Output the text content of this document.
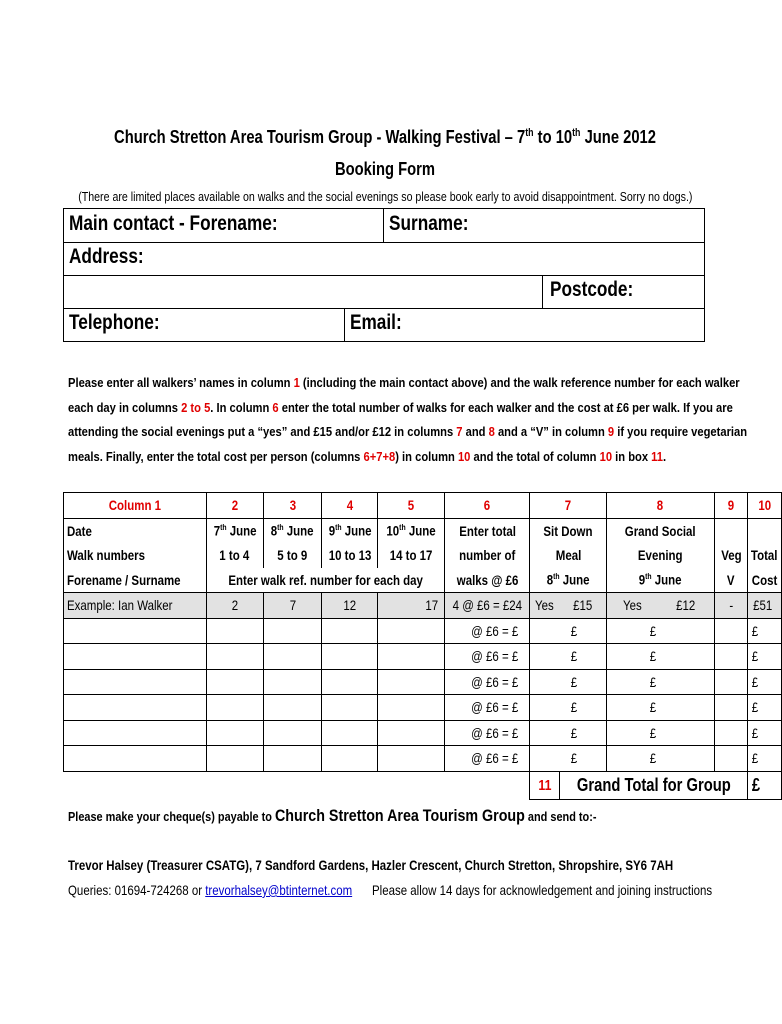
Church Stretton Area Tourism Group - Walking Festival – 7th to 10th June 2012
Booking Form
(There are limited places available on walks and the social evenings so please book early to avoid disappointment. Sorry no dogs.)
Main contact - Forename:	Surname:
Address:
Postcode:
Telephone:	Email:
Please enter all walkers’ names in column 1 (including the main contact above) and the walk reference number for each walker
each day in columns 2 to 5. In column 6 enter the total number of walks for each walker and the cost at £6 per walk. If you are
attending the social evenings put a “yes” and £15 and/or £12 in columns 7 and 8 and a “V” in column 9 if you require vegetarian
meals. Finally, enter the total cost per person (columns 6+7+8) in column 10 and the total of column 10 in box 11.
Column 1	2	3	4	5	6	7		8		9	10
Date	7th June	8th June	9th June	10th June	Enter total	Sit Down		Grand Social			
Walk numbers	1 to 4	5 to 9	10 to 13	14 to 17	number of	Meal		Evening		Veg	Total
Forename / Surname	Enter walk ref. number for each day				walks @ £6	8th June		9th June		V	Cost
Example: Ian Walker	2	7	12	17	4 @ £6 = £24	Yes	£15	Yes	£12	-	£51
					@ £6 = £	£		£			£
					@ £6 = £	£		£			£
					@ £6 = £	£		£			£
					@ £6 = £	£		£			£
					@ £6 = £	£		£			£
					@ £6 = £	£		£			£
						11	Grand Total for Group				£
Please make your cheque(s) payable to Church Stretton Area Tourism Group and send to:-
Trevor Halsey (Treasurer CSATG), 7 Sandford Gardens, Hazler Crescent, Church Stretton, Shropshire, SY6 7AH
Queries: 01694-724268 or trevorhalsey@btinternet.com Please allow 14 days for acknowledgement and joining instructions
